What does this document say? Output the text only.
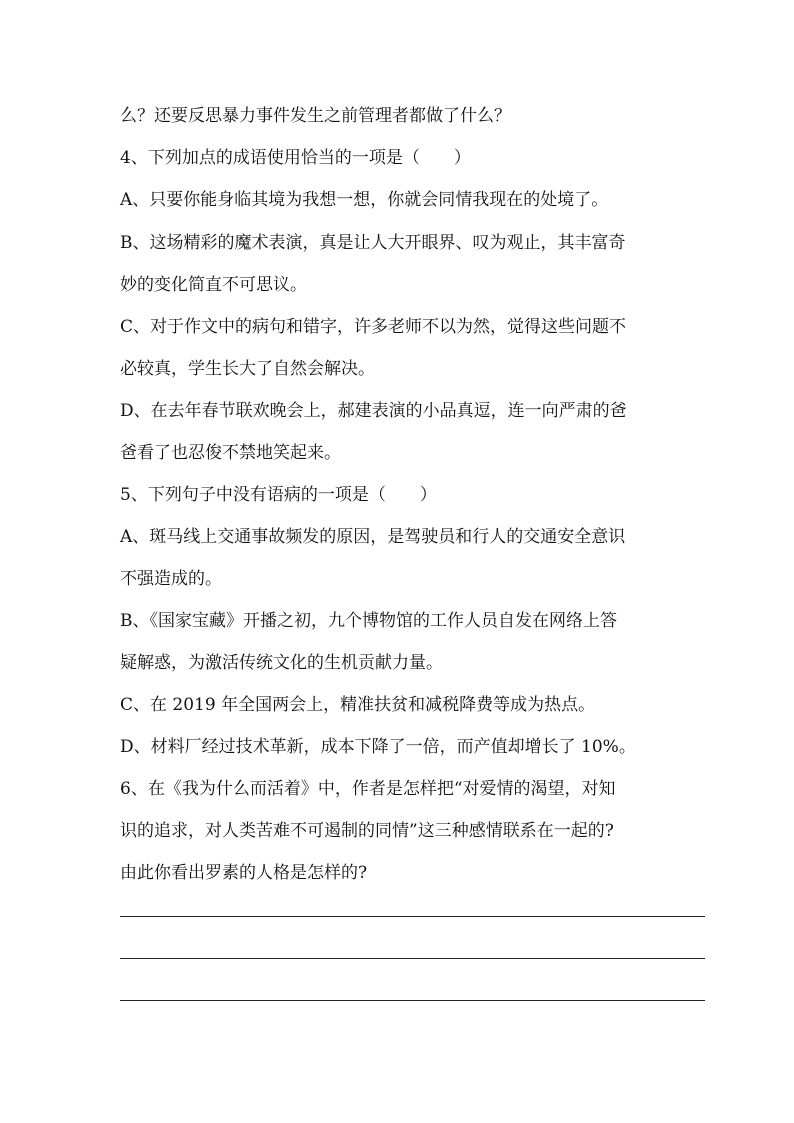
么？还要反思暴力事件发生之前管理者都做了什么？
4、下列加点的成语使用恰当的一项是（　　）
A、只要你能身临其境为我想一想，你就会同情我现在的处境了。
B、这场精彩的魔术表演，真是让人大开眼界、叹为观止，其丰富奇
妙的变化简直不可思议。
C、对于作文中的病句和错字，许多老师不以为然，觉得这些问题不
必较真，学生长大了自然会解决。
D、在去年春节联欢晚会上，郝建表演的小品真逗，连一向严肃的爸
爸看了也忍俊不禁地笑起来。
5、下列句子中没有语病的一项是（　　）
A、斑马线上交通事故频发的原因，是驾驶员和行人的交通安全意识
不强造成的。
B、《国家宝藏》开播之初，九个博物馆的工作人员自发在网络上答
疑解惑，为激活传统文化的生机贡献力量。
C、在 2019 年全国两会上，精准扶贫和减税降费等成为热点。
D、材料厂经过技术革新，成本下降了一倍，而产值却增长了 10%。
6、在《我为什么而活着》中，作者是怎样把“对爱情的渴望，对知
识的追求，对人类苦难不可遏制的同情”这三种感情联系在一起的?
由此你看出罗素的人格是怎样的?
